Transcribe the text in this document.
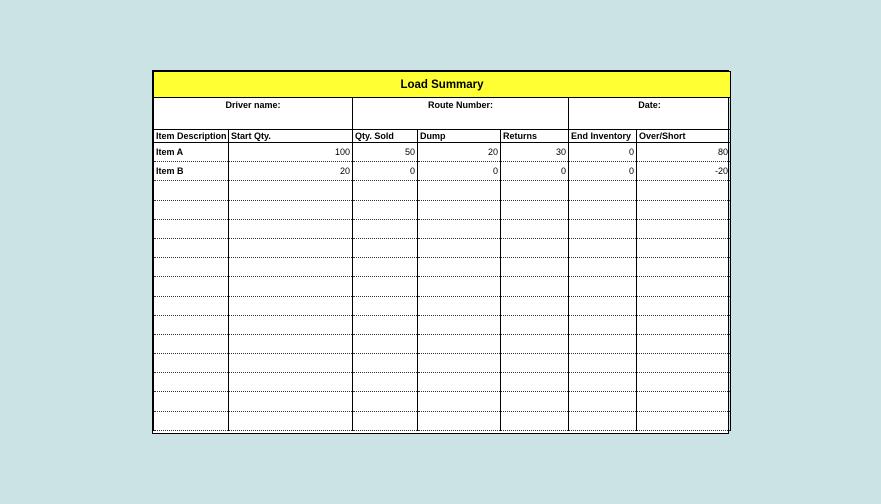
Load Summary						
Driver name:		Route Number:			Date:	
Item Description	Start Qty.	Qty. Sold	Dump	Returns	End Inventory	Over/Short
Item A	100	50	20	30	0	80
Item B	20	0	0	0	0	-20
